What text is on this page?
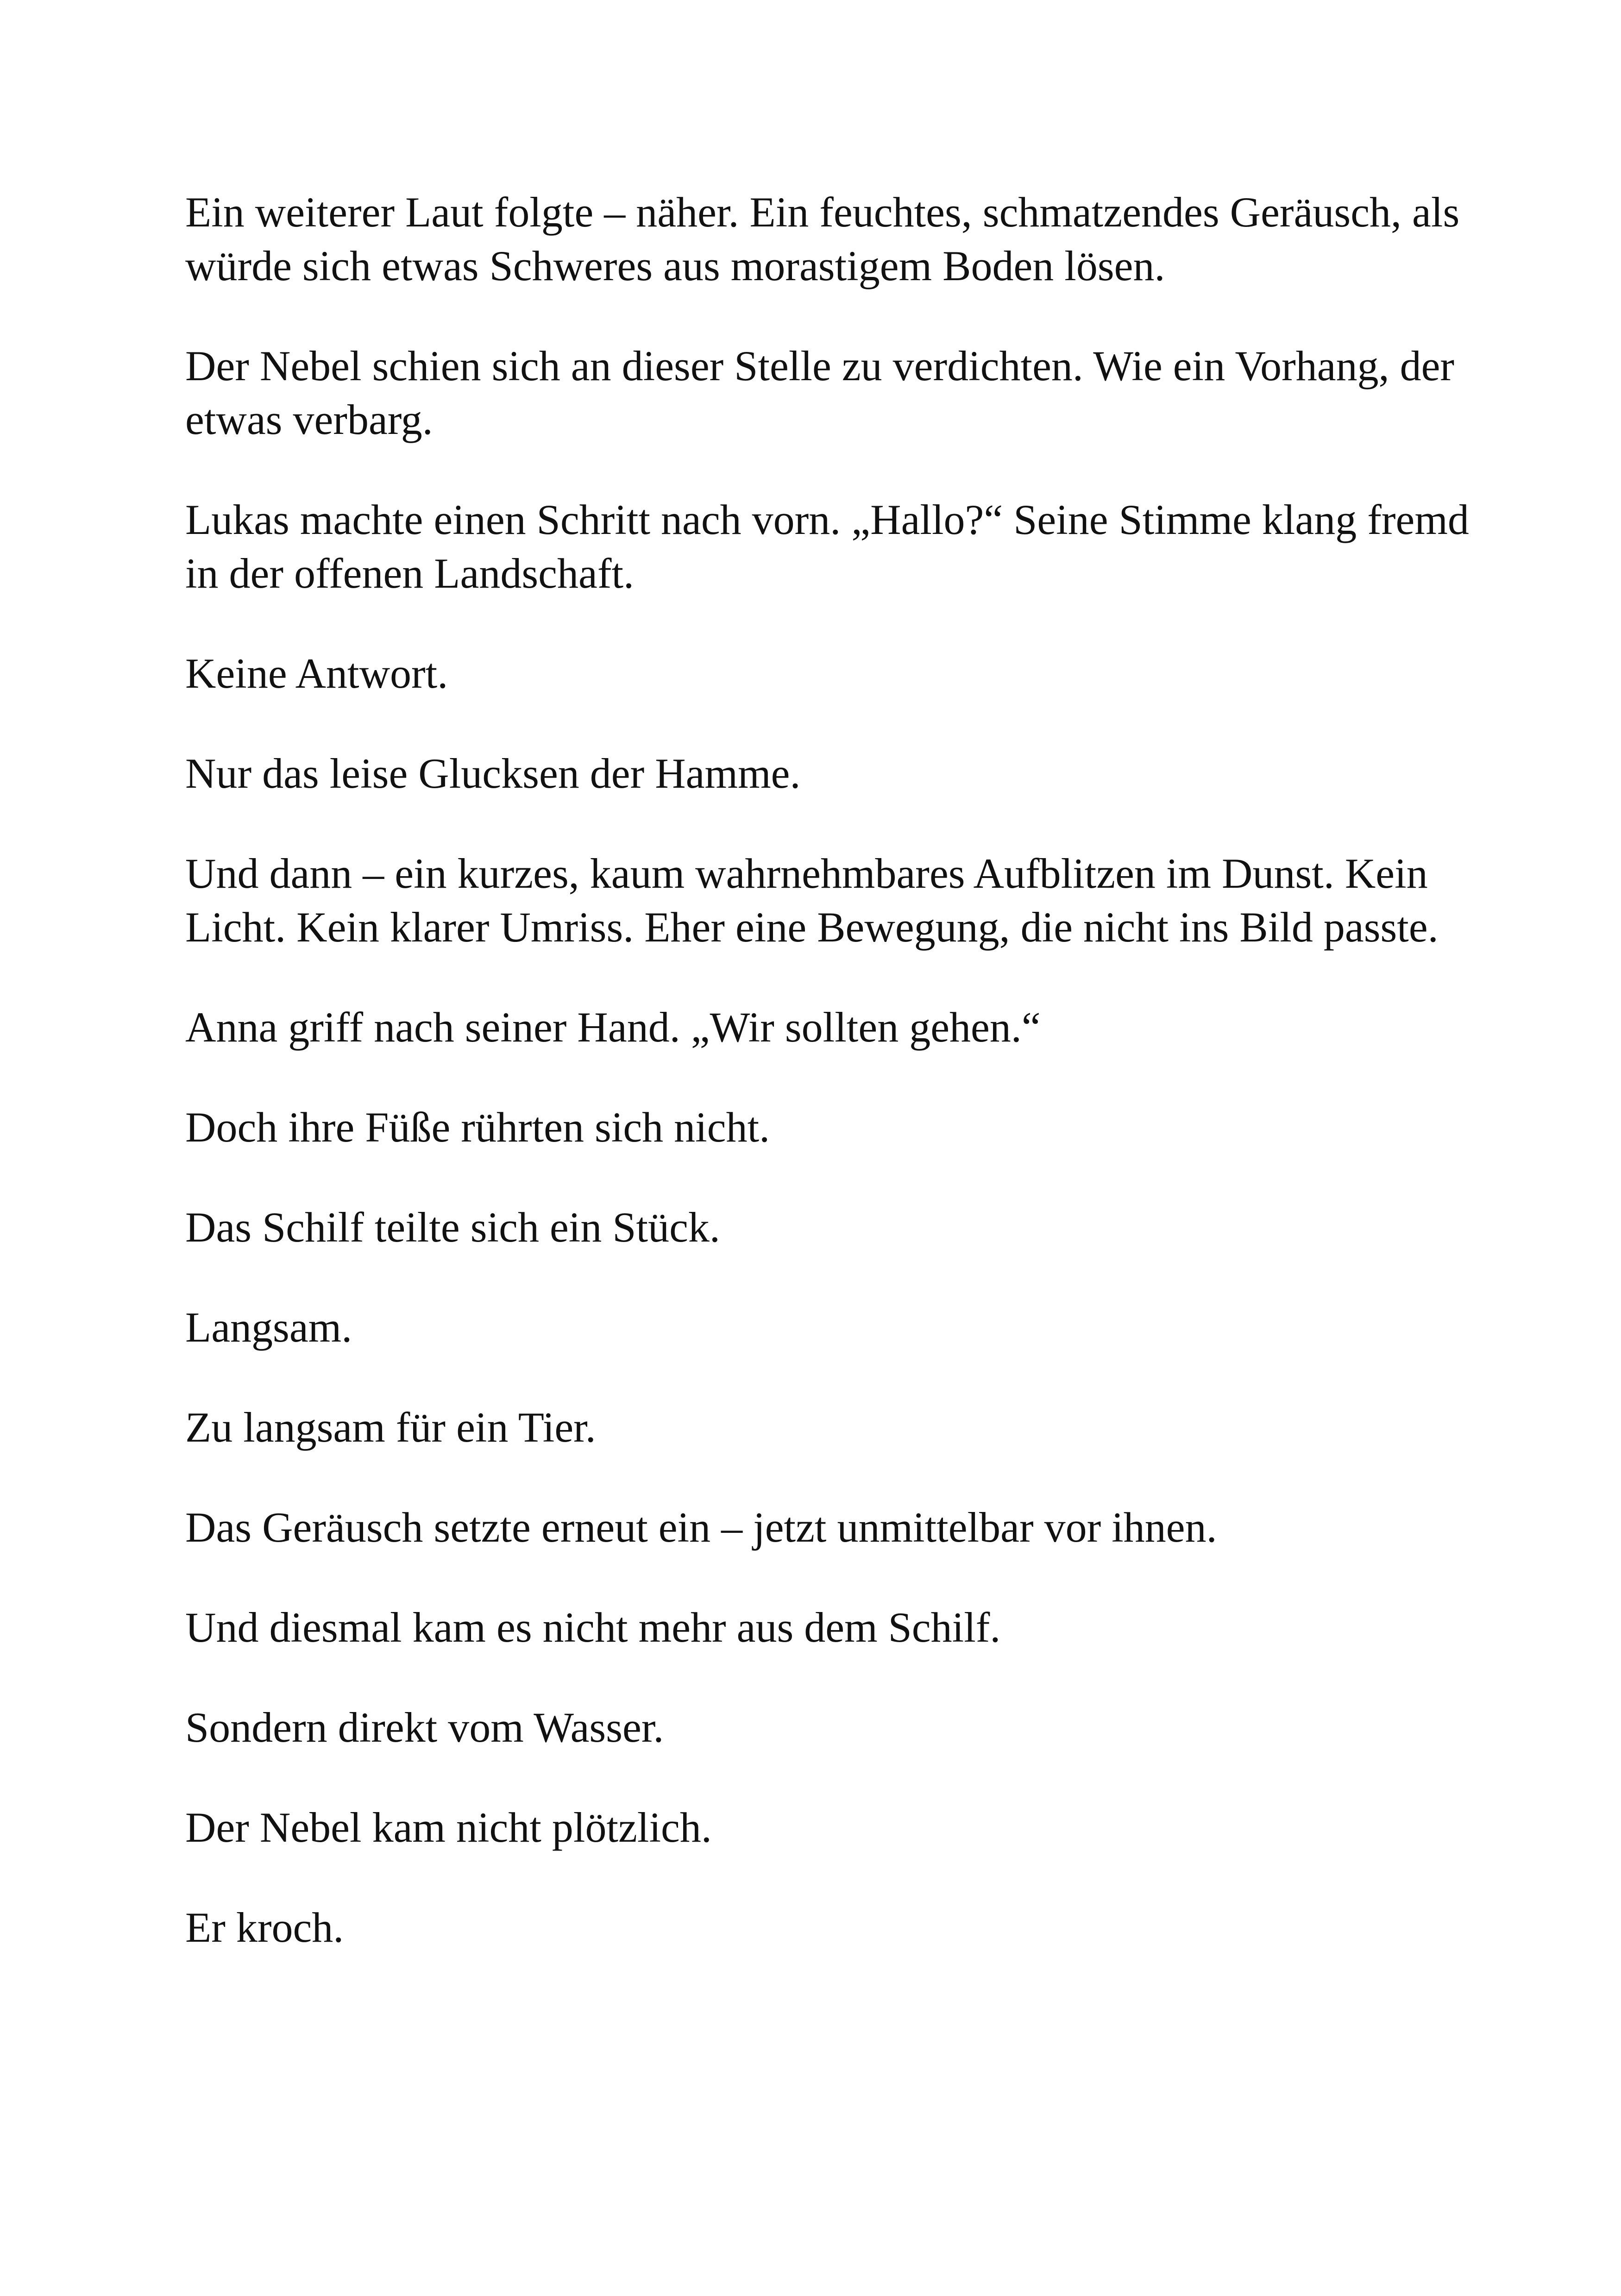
Ein weiterer Laut folgte – näher. Ein feuchtes, schmatzendes Geräusch, als würde sich etwas Schweres aus morastigem Boden lösen.

Der Nebel schien sich an dieser Stelle zu verdichten. Wie ein Vorhang, der etwas verbarg.

Lukas machte einen Schritt nach vorn. „Hallo?“ Seine Stimme klang fremd in der offenen Landschaft.

Keine Antwort.

Nur das leise Glucksen der Hamme.

Und dann – ein kurzes, kaum wahrnehmbares Aufblitzen im Dunst. Kein Licht. Kein klarer Umriss. Eher eine Bewegung, die nicht ins Bild passte.

Anna griff nach seiner Hand. „Wir sollten gehen.“

Doch ihre Füße rührten sich nicht.

Das Schilf teilte sich ein Stück.

Langsam.

Zu langsam für ein Tier.

Das Geräusch setzte erneut ein – jetzt unmittelbar vor ihnen.

Und diesmal kam es nicht mehr aus dem Schilf.

Sondern direkt vom Wasser.

Der Nebel kam nicht plötzlich.

Er kroch.
